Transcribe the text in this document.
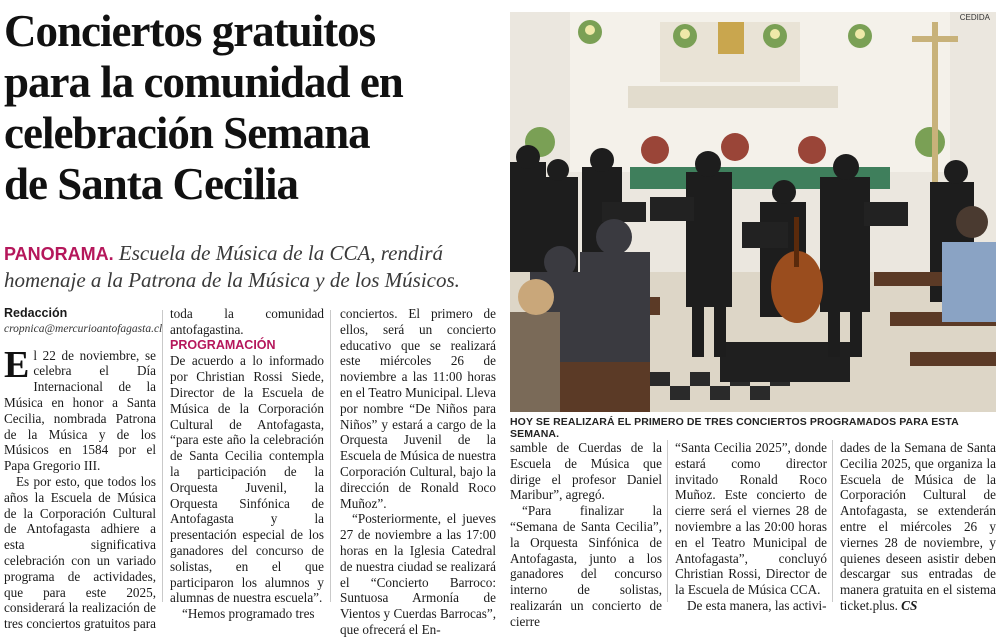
Conciertos gratuitos
para la comunidad en
celebración Semana
de Santa Cecilia
PANORAMA. Escuela de Música de la CCA, rendirá homenaje a la Patrona de la Música y de los Músicos.

Redacción

cropnica@mercurioantofagasta.cl

El 22 de noviembre, se celebra el Día Internacional de la Música en honor a Santa Cecilia, nombrada Patrona de la Música y de los Músicos en 1584 por el Papa Gregorio III.

Es por esto, que todos los años la Escuela de Música de la Corporación Cultural de Antofagasta adhiere a esta significativa celebración con un variado programa de actividades, que para este 2025, considerará la realización de tres conciertos gratuitos para

toda la comunidad antofagastina.

PROGRAMACIÓN

De acuerdo a lo informado por Christian Rossi Siede, Director de la Escuela de Música de la Corporación Cultural de Antofagasta, “para este año la celebración de Santa Cecilia contempla la participación de la Orquesta Juvenil, la Orquesta Sinfónica de Antofagasta y la presentación especial de los ganadores del concurso de solistas, en el que participaron los alumnos y alumnas de nuestra escuela”.

“Hemos programado tres

conciertos. El primero de ellos, será un concierto educativo que se realizará este miércoles 26 de noviembre a las 11:00 horas en el Teatro Municipal. Lleva por nombre “De Niños para Niños” y estará a cargo de la Orquesta Juvenil de la Escuela de Música de nuestra Corporación Cultural, bajo la dirección de Ronald Roco Muñoz”.

“Posteriormente, el jueves 27 de noviembre a las 17:00 horas en la Iglesia Catedral de nuestra ciudad se realizará el “Concierto Barroco: Suntuosa Armonía de Vientos y Cuerdas Barrocas”, que ofrecerá el En-

CEDIDA
HOY SE REALIZARÁ EL PRIMERO DE TRES CONCIERTOS PROGRAMADOS PARA ESTA SEMANA.

samble de Cuerdas de la Escuela de Música que dirige el profesor Daniel Maribur”, agregó.

“Para finalizar la “Semana de Santa Cecilia”, la Orquesta Sinfónica de Antofagasta, junto a los ganadores del concurso interno de solistas, realizarán un concierto de cierre

“Santa Cecilia 2025”, donde estará como director invitado Ronald Roco Muñoz. Este concierto de cierre será el viernes 28 de noviembre a las 20:00 horas en el Teatro Municipal de Antofagasta”, concluyó Christian Rossi, Director de la Escuela de Música CCA.

De esta manera, las activi-

dades de la Semana de Santa Cecilia 2025, que organiza la Escuela de Música de la Corporación Cultural de Antofagasta, se extenderán entre el miércoles 26 y viernes 28 de noviembre, y quienes deseen asistir deben descargar sus entradas de manera gratuita en el sistema ticket.plus. CS
